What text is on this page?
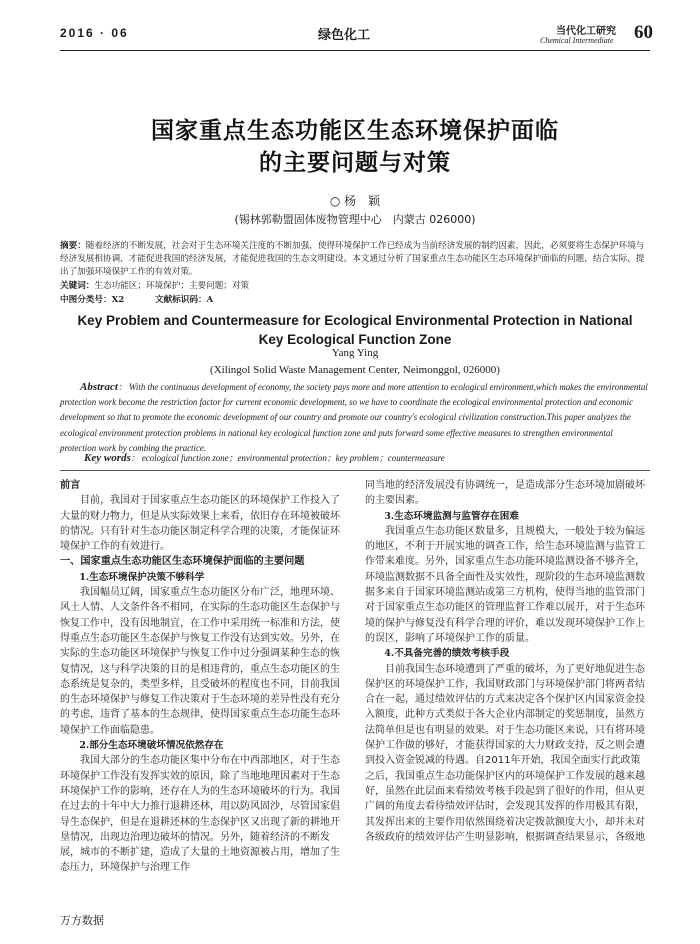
2016 · 06	绿色化工	当代化工研究
Chemical Intermediate 60
国家重点生态功能区生态环境保护面临
的主要问题与对策
○ 杨　颖
(锡林郭勒盟固体废物管理中心　内蒙古 026000)
摘要：随着经济的不断发展，社会对于生态环境关注度的不断加强，使得环境保护工作已经成为当前经济发展的制约因素，因此，必须要将生态保护环境与经济发展相协调，才能促进我国的经济发展，才能促进我国的生态文明建设。本文通过分析了国家重点生态功能区生态环境保护面临的问题，结合实际，提出了加强环境保护工作的有效对策。
关键词：生态功能区；环境保护；主要问题；对策
中图分类号：X2	文献标识码：A
Key Problem and Countermeasure for Ecological Environmental Protection in National
Key Ecological Function Zone
Yang Ying
(Xilingol Solid Waste Management Center, Neimonggol, 026000)
Abstract： With the continuous development of economy, the society pays more and more attention to ecological environment,which makes the environmental protection work become the restriction factor for current economic development, so we have to coordinate the ecological environmental protection and economic development so that to promote the economic development of our country and promote our country's ecological civilization construction.This paper analyzes the ecological environment protection problems in national key ecological function zone and puts forward some effective measures to strengthen environmental protection work by combing the practice.
Key words： ecological function zone；environmental protection；key problem；countermeasure

前言

目前，我国对于国家重点生态功能区的环境保护工作投入了大量的财力物力，但是从实际效果上来看，依旧存在环境被破坏的情况。只有针对生态功能区制定科学合理的决策，才能保证环境保护工作的有效进行。

一、国家重点生态功能区生态环境保护面临的主要问题

1.生态环境保护决策不够科学

我国幅员辽阔，国家重点生态功能区分布广泛，地理环境、风土人情、人文条件各不相同，在实际的生态功能区生态保护与恢复工作中，没有因地制宜，在工作中采用统一标准和方法，使得重点生态功能区生态保护与恢复工作没有达到实效。另外，在实际的生态功能区环境保护与恢复工作中过分强调某种生态的恢复情况，这与科学决策的目的是相违背的，重点生态功能区的生态系统是复杂的，类型多样，且受破坏的程度也不同，目前我国的生态环境保护与修复工作决策对于生态环境的差异性没有充分的考虑，违背了基本的生态规律，使得国家重点生态功能生态环境保护工作面临隐患。

2.部分生态环境破坏情况依然存在

我国大部分的生态功能区集中分布在中西部地区，对于生态环境保护工作没有发挥实效的原因，除了当地地理因素对于生态环境保护工作的影响，还存在人为的生态环境破坏的行为。我国在过去的十年中大力推行退耕还林，用以防风固沙，尽管国家倡导生态保护，但是在退耕还林的生态保护区又出现了新的耕地开垦情况，出现边治理边破坏的情况。另外，随着经济的不断发展，城市的不断扩建，造成了大量的土地资源被占用，增加了生态压力，环境保护与治理工作

同当地的经济发展没有协调统一，是造成部分生态环境加剧破坏的主要因素。

3.生态环境监测与监管存在困难

我国重点生态功能区数量多，且规模大，一般处于较为偏远的地区，不利于开展实地的调查工作，给生态环境监测与监管工作带来难度。另外，国家重点生态功能环境监测设备不够齐全，环境监测数据不具备全面性及实效性，现阶段的生态环境监测数据多来自于国家环境监测站或第三方机构，使得当地的监管部门对于国家重点生态功能区的管理监督工作难以展开，对于生态环境的保护与修复没有科学合理的评价，难以发现环境保护工作上的误区，影响了环境保护工作的质量。

4.不具备完善的绩效考核手段

目前我国生态环境遭到了严重的破坏，为了更好地促进生态保护区的环境保护工作，我国财政部门与环境保护部门将两者结合在一起，通过绩效评估的方式来决定各个保护区内国家资金投入额度，此种方式类似于各大企业内部制定的奖惩制度，虽然方法简单但是也有明显的效果。对于生态功能区来说，只有将环境保护工作做的够好，才能获得国家的大力财政支持，反之则会遭到投入资金锐减的待遇。自2011年开始，我国全面实行此政策之后，我国重点生态功能保护区内的环境保护工作发展的越来越好，虽然在此层面来看绩效考核手段起到了很好的作用，但从更广阔的角度去看待绩效评估时，会发现其发挥的作用极其有限，其发挥出来的主要作用依然围绕着决定拨款额度大小，却并未对各级政府的绩效评估产生明显影响，根据调查结果显示，各级地

万方数据
